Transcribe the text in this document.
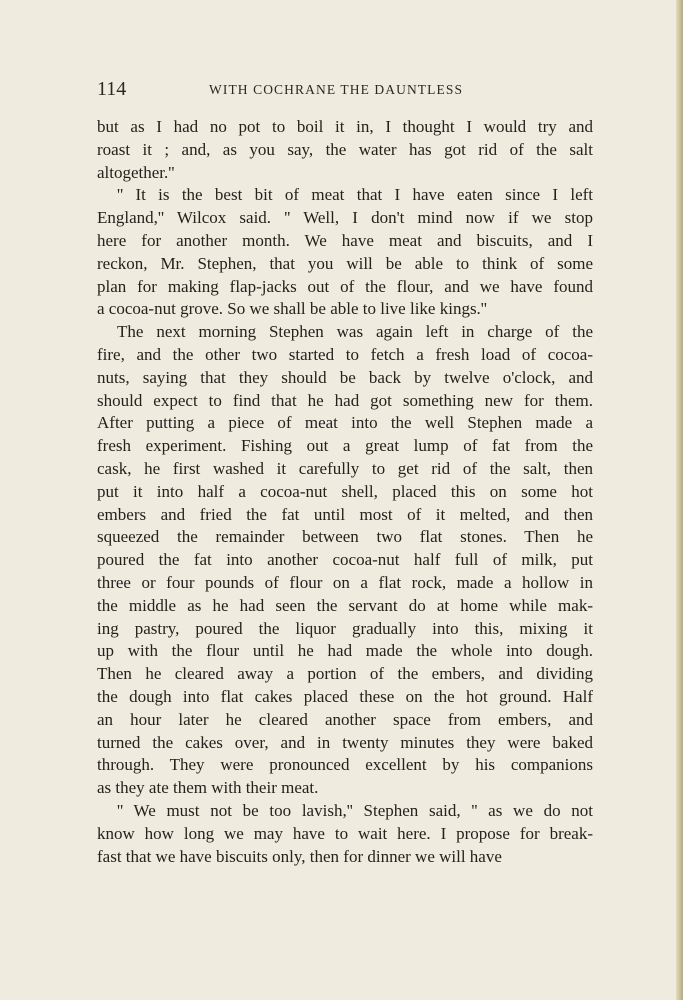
114	WITH COCHRANE THE DAUNTLESS
but as I had no pot to boil it in, I thought I would try and
roast it ; and, as you say, the water has got rid of the salt
altogether.''
'' It is the best bit of meat that I have eaten since I left
England,'' Wilcox said. '' Well, I don't mind now if we stop
here for another month. We have meat and biscuits, and I
reckon, Mr. Stephen, that you will be able to think of some
plan for making flap-jacks out of the flour, and we have found
a cocoa-nut grove. So we shall be able to live like kings.''
The next morning Stephen was again left in charge of the
fire, and the other two started to fetch a fresh load of cocoa-
nuts, saying that they should be back by twelve o'clock, and
should expect to find that he had got something new for them.
After putting a piece of meat into the well Stephen made a
fresh experiment. Fishing out a great lump of fat from the
cask, he first washed it carefully to get rid of the salt, then
put it into half a cocoa-nut shell, placed this on some hot
embers and fried the fat until most of it melted, and then
squeezed the remainder between two flat stones. Then he
poured the fat into another cocoa-nut half full of milk, put
three or four pounds of flour on a flat rock, made a hollow in
the middle as he had seen the servant do at home while mak-
ing pastry, poured the liquor gradually into this, mixing it
up with the flour until he had made the whole into dough.
Then he cleared away a portion of the embers, and dividing
the dough into flat cakes placed these on the hot ground. Half
an hour later he cleared another space from embers, and
turned the cakes over, and in twenty minutes they were baked
through. They were pronounced excellent by his companions
as they ate them with their meat.
'' We must not be too lavish,'' Stephen said, '' as we do not
know how long we may have to wait here. I propose for break-
fast that we have biscuits only, then for dinner we will have
